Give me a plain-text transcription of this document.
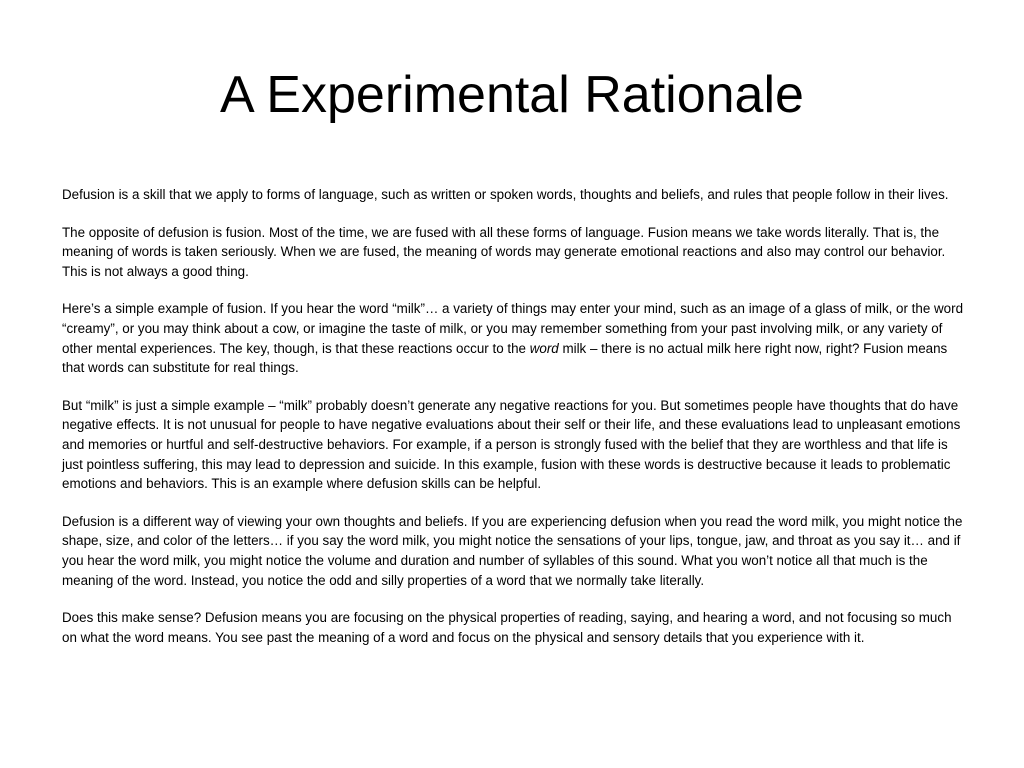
A Experimental Rationale

Defusion is a skill that we apply to forms of language, such as written or spoken words, thoughts and beliefs, and rules that people follow in their lives.

The opposite of defusion is fusion. Most of the time, we are fused with all these forms of language. Fusion means we take words literally. That is, the meaning of words is taken seriously. When we are fused, the meaning of words may generate emotional reactions and also may control our behavior. This is not always a good thing.

Here’s a simple example of fusion. If you hear the word “milk”… a variety of things may enter your mind, such as an image of a glass of milk, or the word “creamy”, or you may think about a cow, or imagine the taste of milk, or you may remember something from your past involving milk, or any variety of other mental experiences. The key, though, is that these reactions occur to the word milk – there is no actual milk here right now, right? Fusion means that words can substitute for real things.

But “milk” is just a simple example – “milk” probably doesn’t generate any negative reactions for you. But sometimes people have thoughts that do have negative effects. It is not unusual for people to have negative evaluations about their self or their life, and these evaluations lead to unpleasant emotions and memories or hurtful and self-destructive behaviors. For example, if a person is strongly fused with the belief that they are worthless and that life is just pointless suffering, this may lead to depression and suicide. In this example, fusion with these words is destructive because it leads to problematic emotions and behaviors. This is an example where defusion skills can be helpful.

Defusion is a different way of viewing your own thoughts and beliefs. If you are experiencing defusion when you read the word milk, you might notice the shape, size, and color of the letters… if you say the word milk, you might notice the sensations of your lips, tongue, jaw, and throat as you say it… and if you hear the word milk, you might notice the volume and duration and number of syllables of this sound. What you won’t notice all that much is the meaning of the word. Instead, you notice the odd and silly properties of a word that we normally take literally.

Does this make sense? Defusion means you are focusing on the physical properties of reading, saying, and hearing a word, and not focusing so much on what the word means. You see past the meaning of a word and focus on the physical and sensory details that you experience with it.
